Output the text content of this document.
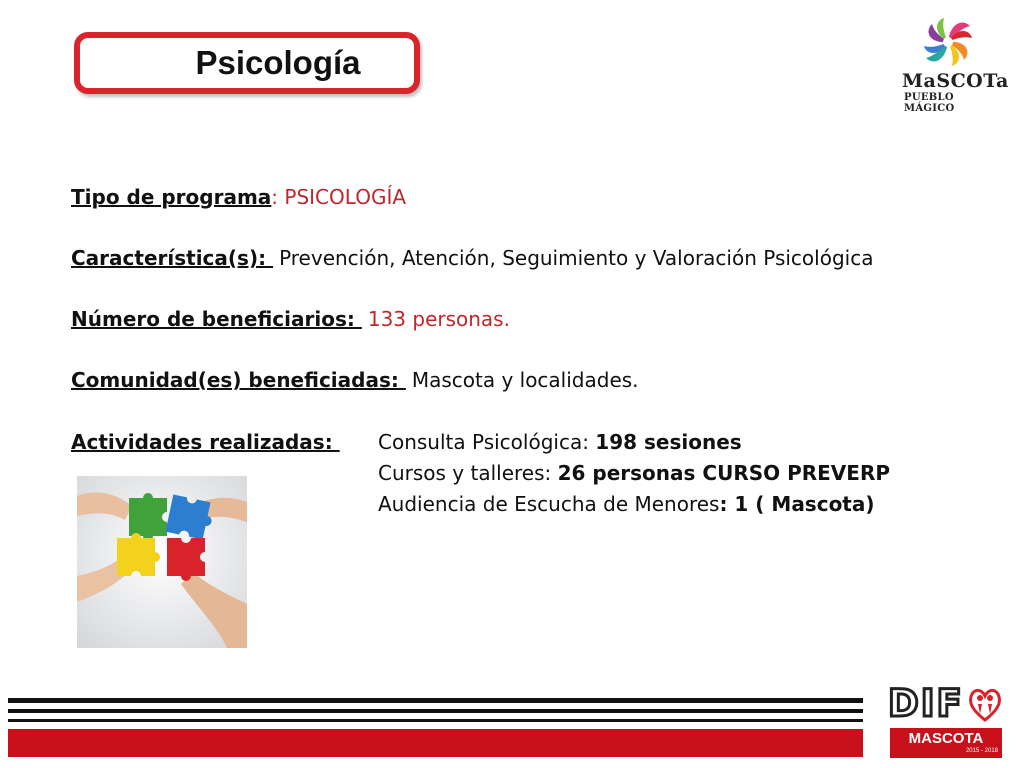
Psicología	MaSCOTa
PUEBLO MÁGICO
Tipo de programa: PSICOLOGÍA
Característica(s): Prevención, Atención, Seguimiento y Valoración Psicológica
Número de beneficiarios: 133 personas.
Comunidad(es) beneficiadas: Mascota y localidades.
Actividades realizadas: Consulta Psicológica: 198 sesiones
Cursos y talleres: 26 personas CURSO PREVERP
Audiencia de Escucha de Menores: 1 ( Mascota)
DIF
MASCOTA
2015 - 2018
